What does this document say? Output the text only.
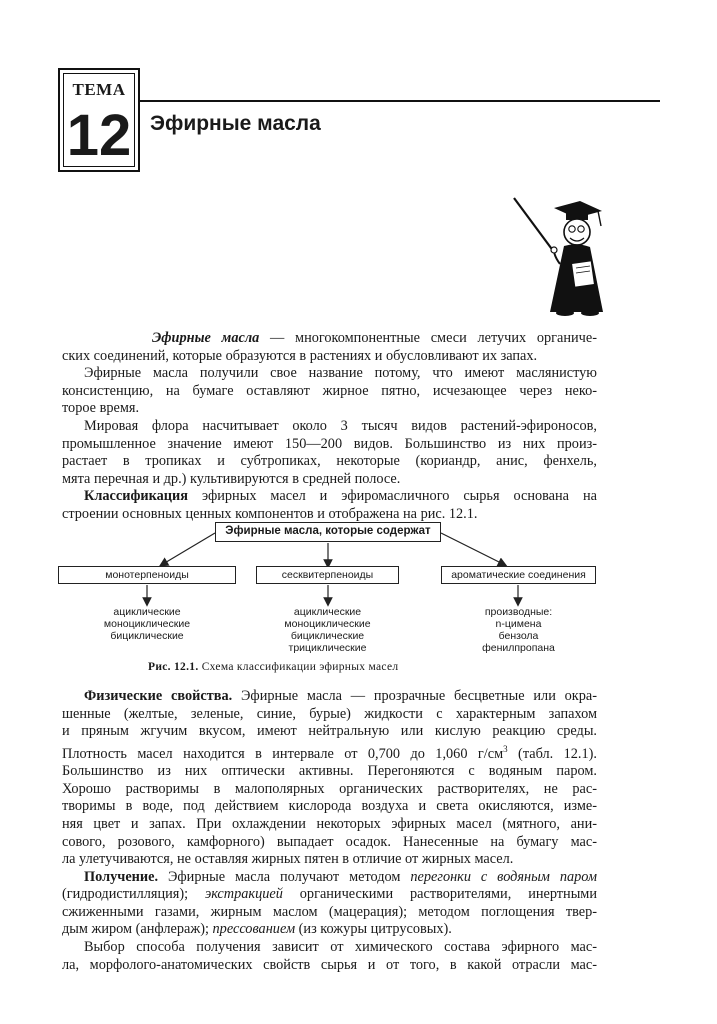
ТЕМА
12 Эфирные масла

Эфирные масла — многокомпонентные смеси летучих органиче-
ских соединений, которые образуются в растениях и обусловливают их запах.

Эфирные масла получили свое название потому, что имеют маслянистую
консистенцию, на бумаге оставляют жирное пятно, исчезающее через неко-
торое время.

Мировая флора насчитывает около 3 тысяч видов растений-эфироносов,
промышленное значение имеют 150—200 видов. Большинство из них произ-
растает в тропиках и субтропиках, некоторые (кориандр, анис, фенхель,
мята перечная и др.) культивируются в средней полосе.

Классификация эфирных масел и эфиромасличного сырья основана на
строении основных ценных компонентов и отображена на рис. 12.1.

Эфирные масла, которые содержат
монотерпеноиды	сесквитерпеноиды	ароматические соединения
ациклические
моноциклические
бициклические
ациклические
моноциклические
бициклические
трициклические
производные:
n-цимена
бензола
фенилпропана
Рис. 12.1. Схема классификации эфирных масел

Физические свойства. Эфирные масла — прозрачные бесцветные или окра-
шенные (желтые, зеленые, синие, бурые) жидкости с характерным запахом
и пряным жгучим вкусом, имеют нейтральную или кислую реакцию среды.
Плотность масел находится в интервале от 0,700 до 1,060 $г/см^3$ (табл. 12.1).
Большинство из них оптически активны. Перегоняются с водяным паром.
Хорошо растворимы в малополярных органических растворителях, не рас-
творимы в воде, под действием кислорода воздуха и света окисляются, изме-
няя цвет и запах. При охлаждении некоторых эфирных масел (мятного, ани-
сового, розового, камфорного) выпадает осадок. Нанесенные на бумагу мас-
ла улетучиваются, не оставляя жирных пятен в отличие от жирных масел.

Получение. Эфирные масла получают методом перегонки с водяным паром
(гидродистилляция); экстракцией органическими растворителями, инертными
сжиженными газами, жирным маслом (мацерация); методом поглощения твер-
дым жиром (анфлераж); прессованием (из кожуры цитрусовых).

Выбор способа получения зависит от химического состава эфирного мас-
ла, морфолого-анатомических свойств сырья и от того, в какой отрасли мас-
